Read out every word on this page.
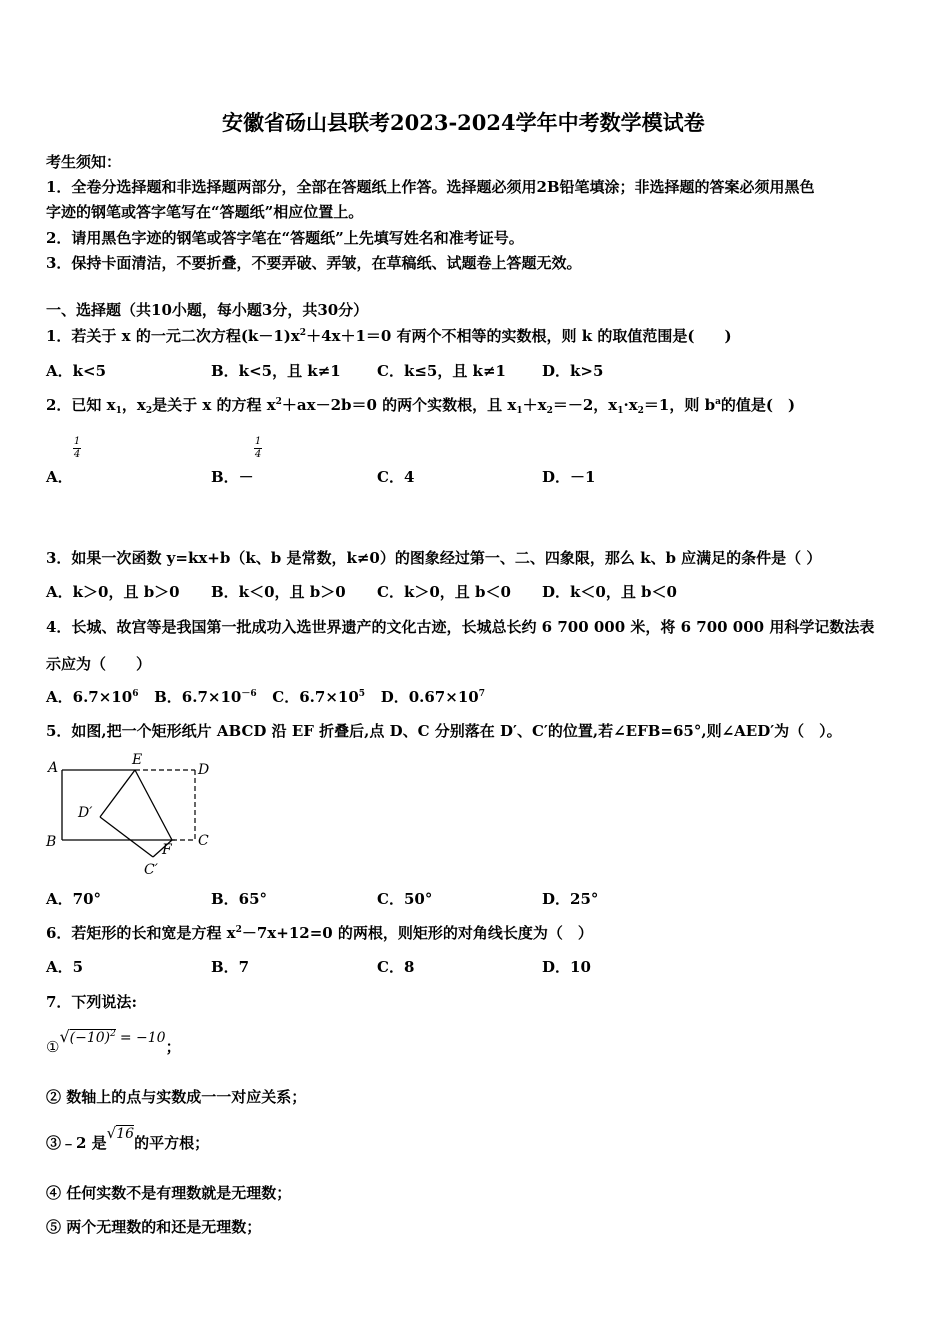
安徽省砀山县联考2023-2024学年中考数学模试卷
考生须知：
1．全卷分选择题和非选择题两部分，全部在答题纸上作答。选择题必须用2B铅笔填涂；非选择题的答案必须用黑色
字迹的钢笔或答字笔写在“答题纸”相应位置上。
2．请用黑色字迹的钢笔或答字笔在“答题纸”上先填写姓名和准考证号。
3．保持卡面清洁，不要折叠，不要弄破、弄皱，在草稿纸、试题卷上答题无效。
一、选择题（共10小题，每小题3分，共30分）
1．若关于 x 的一元二次方程$(k-1)x^2+4x+1=0$ 有两个不相等的实数根，则 k 的取值范围是(　　)
A．k<5	B．k<5，且 k≠1 C．k≤5，且 k≠1 D．k>5
2．已知 $x_1$，$x_2$是关于 x 的方程 $x^2+ax-2b=0$ 的两个实数根，且 $x_1+x_2=-2$，$x_1\cdot x_2=1$，则 $b^a$的值是(　)
1
4
1
4
A．	B．－	C．4	D．－1
3．如果一次函数 y=kx+b（k、b 是常数，k≠0）的图象经过第一、二、四象限，那么 k、b 应满足的条件是（ ）
A．k＞0，且 b＞0 B．k＜0，且 b＞0 C．k＞0，且 b＜0 D．k＜0，且 b＜0
4．长城、故宫等是我国第一批成功入选世界遗产的文化古迹，长城总长约 6 700 000 米，将 6 700 000 用科学记数法表
示应为（　　）
A．$6.7\times 10^6$ B．$6.7\times 10^{-6}$ C．$6.7\times 10^5$ D．$0.67\times 10^7$
5．如图,把一个矩形纸片 ABCD 沿 EF 折叠后,点 D、C 分别落在 D′、C′的位置,若∠EFB=65°,则∠AED′为（　）。
A	E
D
D′
B	C
F
C′
A．70°	B．65°	C．50°	D．25°
6．若矩形的长和宽是方程 $x^2-7x+12=0$ 的两根，则矩形的对角线长度为（　）
A．5	B．7	C．8	D．10
7．下列说法:
$①√(-10)^2 = -10$；
② 数轴上的点与实数成一一对应关系；
③﹣2 是√16的平方根；
④ 任何实数不是有理数就是无理数；
⑤ 两个无理数的和还是无理数；
